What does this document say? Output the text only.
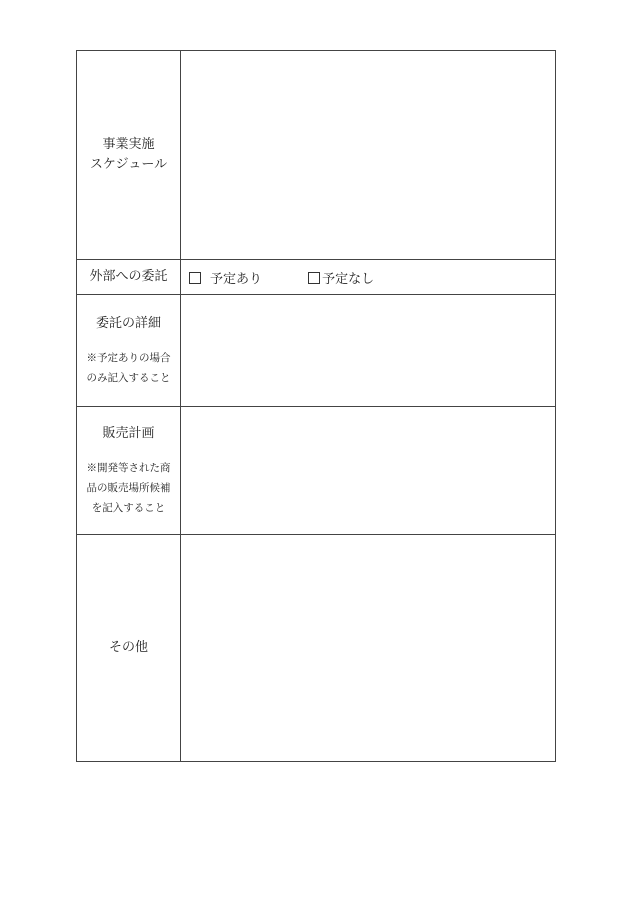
事業実施
スケジュール	

外部への委託	予定あり 予定なし

委託の詳細
※予定ありの場合
のみ記入すること	

販売計画
※開発等された商
品の販売場所候補
を記入すること	

その他	
